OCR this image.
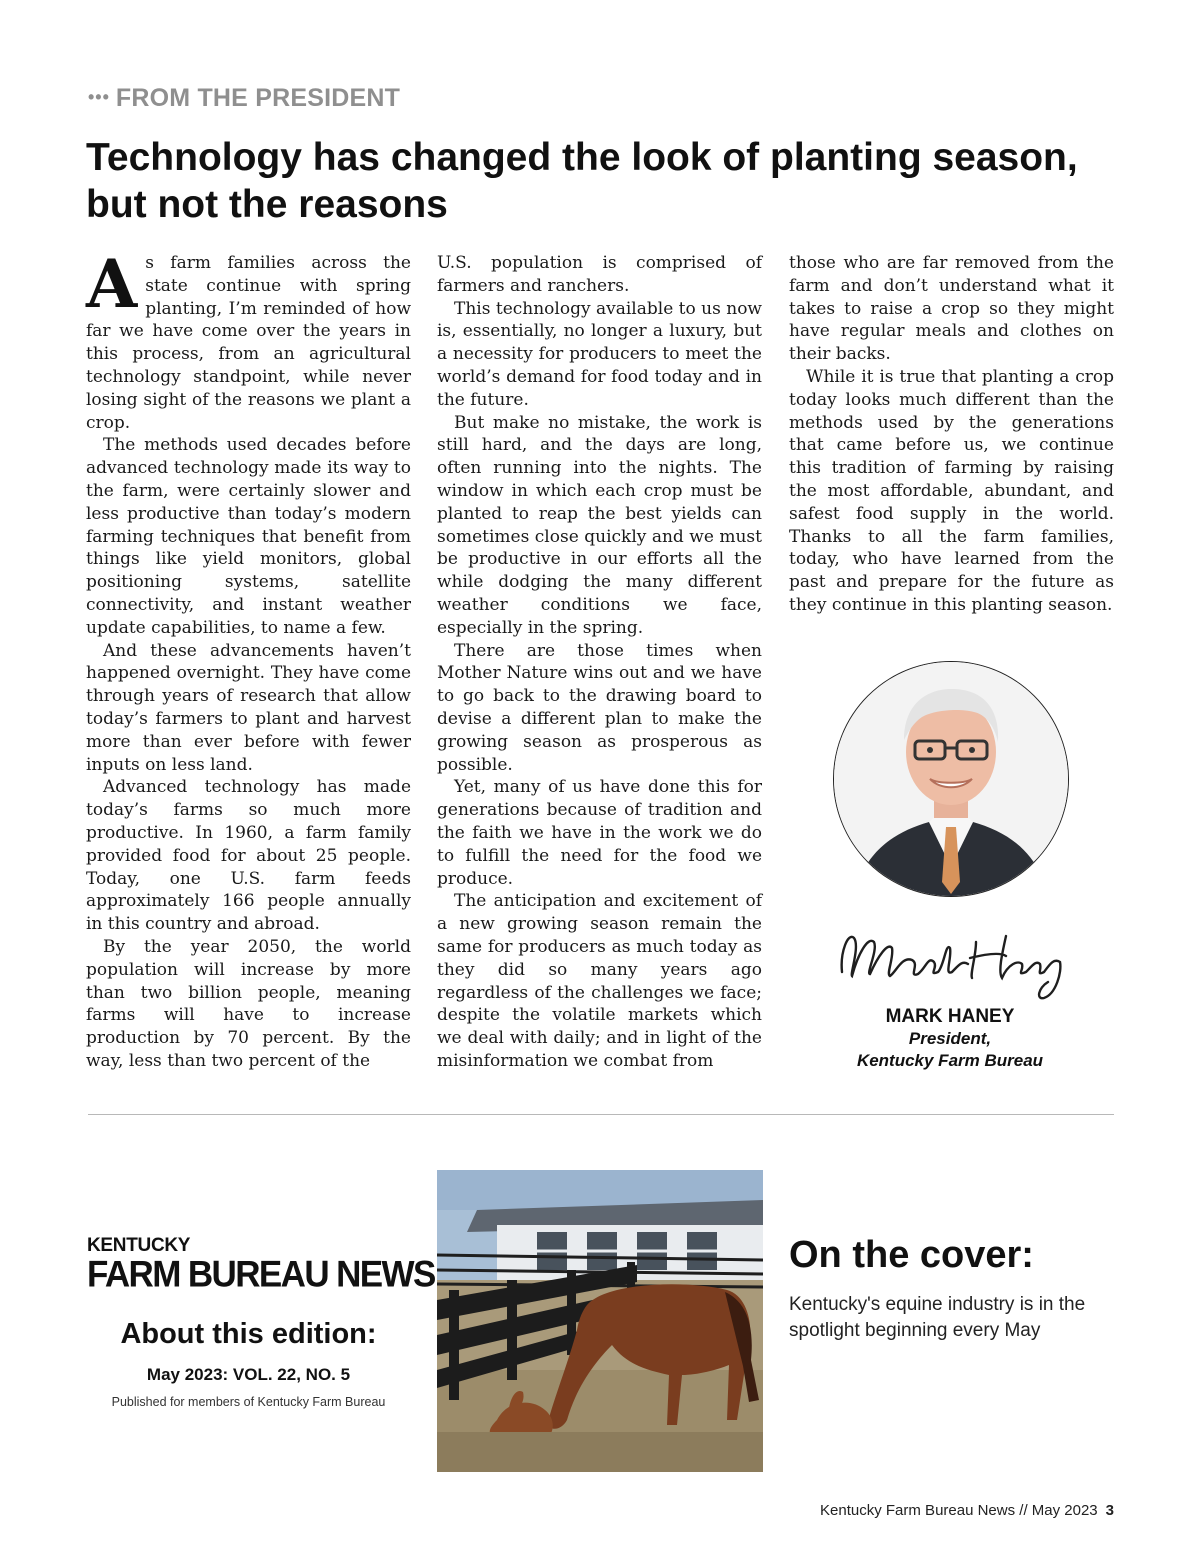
••• FROM THE PRESIDENT
Technology has changed the look of planting season, but not the reasons

As farm families across the state continue with spring planting, I’m reminded of how far we have come over the years in this process, from an agricultural technology standpoint, while never losing sight of the reasons we plant a crop.

The methods used decades before advanced technology made its way to the farm, were certainly slower and less productive than today’s modern farming techniques that benefit from things like yield monitors, global positioning systems, satellite connectivity, and instant weather update capabilities, to name a few.

And these advancements haven’t happened overnight. They have come through years of research that allow today’s farmers to plant and harvest more than ever before with fewer inputs on less land.

Advanced technology has made today’s farms so much more productive. In 1960, a farm family provided food for about 25 people. Today, one U.S. farm feeds approximately 166 people annually in this country and abroad.

By the year 2050, the world population will increase by more than two billion people, meaning farms will have to increase production by 70 percent. By the way, less than two percent of the

U.S. population is comprised of farmers and ranchers.

This technology available to us now is, essentially, no longer a luxury, but a necessity for producers to meet the world’s demand for food today and in the future.

But make no mistake, the work is still hard, and the days are long, often running into the nights. The window in which each crop must be planted to reap the best yields can sometimes close quickly and we must be productive in our efforts all the while dodging the many different weather conditions we face, especially in the spring.

There are those times when Mother Nature wins out and we have to go back to the drawing board to devise a different plan to make the growing season as prosperous as possible.

Yet, many of us have done this for generations because of tradition and the faith we have in the work we do to fulfill the need for the food we produce.

The anticipation and excitement of a new growing season remain the same for producers as much today as they did so many years ago regardless of the challenges we face; despite the volatile markets which we deal with daily; and in light of the misinformation we combat from

those who are far removed from the farm and don’t understand what it takes to raise a crop so they might have regular meals and clothes on their backs.

While it is true that planting a crop today looks much different than the methods used by the generations that came before us, we continue this tradition of farming by raising the most affordable, abundant, and safest food supply in the world. Thanks to all the farm families, today, who have learned from the past and prepare for the future as they continue in this planting season.

MARK HANEY
President,
Kentucky Farm Bureau
KENTUCKY
FARM BUREAU NEWS
About this edition:
May 2023: VOL. 22, NO. 5
Published for members of Kentucky Farm Bureau
On the cover:
Kentucky's equine industry is in the spotlight beginning every May
Kentucky Farm Bureau News // May 2023 3
